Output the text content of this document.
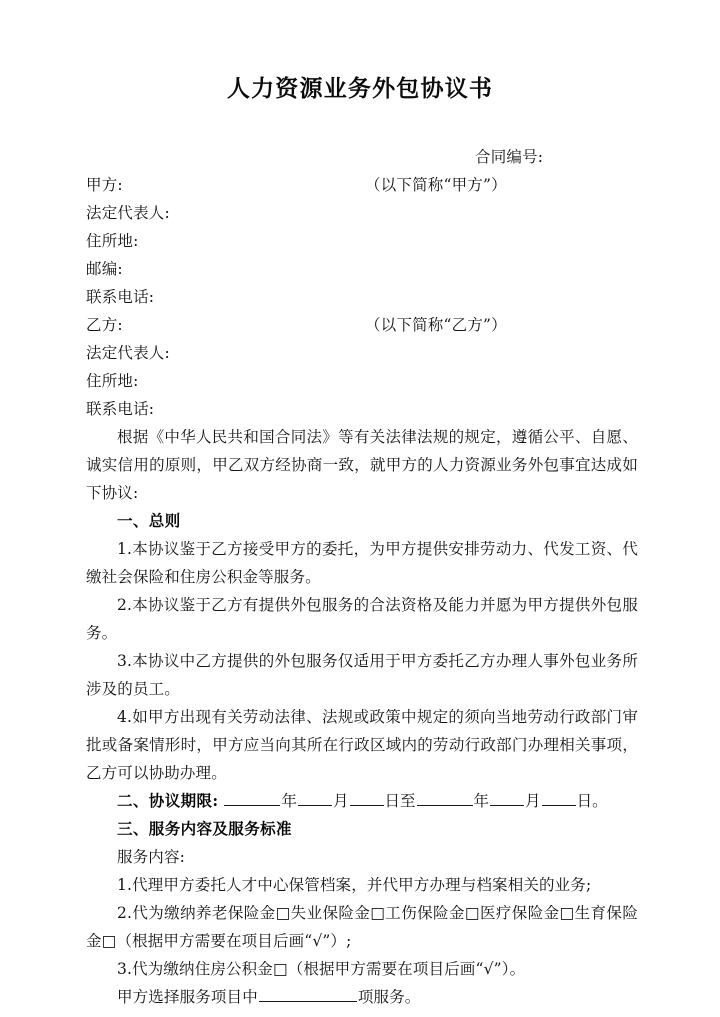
人力资源业务外包协议书
合同编号:
甲方:	（以下简称“甲方”）
法定代表人:
住所地:
邮编:
联系电话:
乙方:	（以下简称“乙方”）
法定代表人:
住所地:
联系电话:

根据《中华人民共和国合同法》等有关法律法规的规定，遵循公平、自愿、诚实信用的原则，甲乙双方经协商一致，就甲方的人力资源业务外包事宜达成如下协议:

一、总则

1.本协议鉴于乙方接受甲方的委托，为甲方提供安排劳动力、代发工资、代缴社会保险和住房公积金等服务。

2.本协议鉴于乙方有提供外包服务的合法资格及能力并愿为甲方提供外包服务。

3.本协议中乙方提供的外包服务仅适用于甲方委托乙方办理人事外包业务所涉及的员工。

4.如甲方出现有关劳动法律、法规或政策中规定的须向当地劳动行政部门审批或备案情形时，甲方应当向其所在行政区域内的劳动行政部门办理相关事项，乙方可以协助办理。

二、协议期限:	年 月 日至	年 月 日。

三、服务内容及服务标准

服务内容:

1.代理甲方委托人才中心保管档案，并代甲方办理与档案相关的业务;

2.代为缴纳养老保险金□失业保险金□工伤保险金□医疗保险金□生育保险金□（根据甲方需要在项目后画“√”）;

3.代为缴纳住房公积金□（根据甲方需要在项目后画“√”）。

甲方选择服务项目中	项服务。
